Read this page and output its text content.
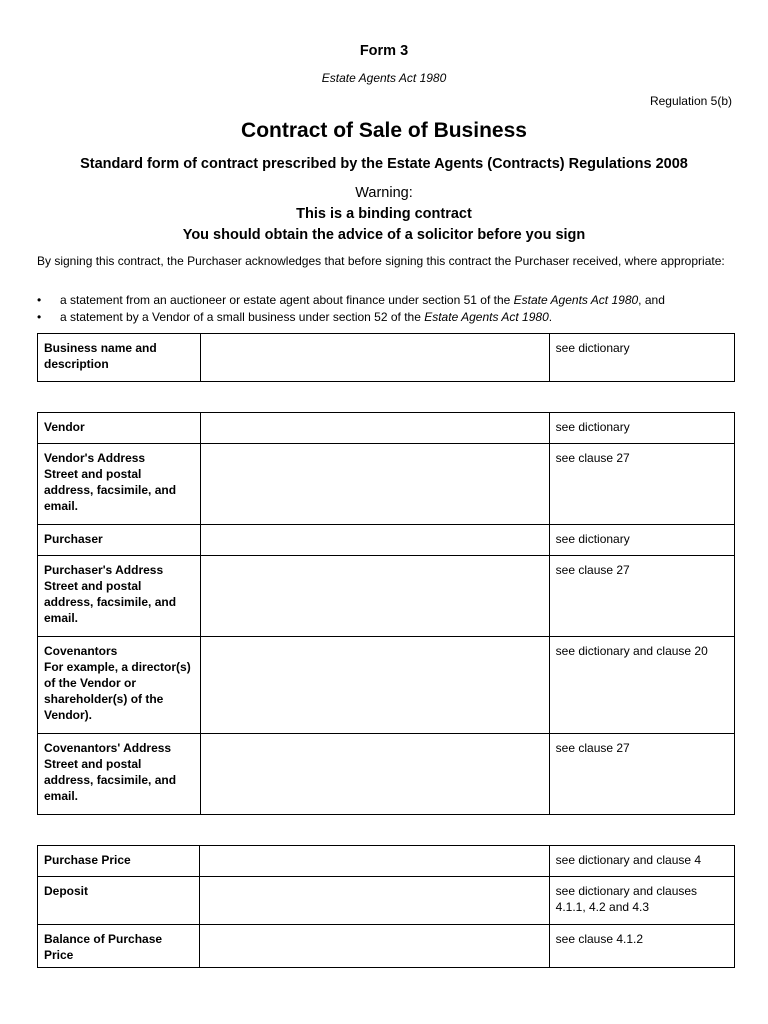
Form 3
Estate Agents Act 1980
Regulation 5(b)
Contract of Sale of Business
Standard form of contract prescribed by the Estate Agents (Contracts) Regulations 2008
Warning:
This is a binding contract
You should obtain the advice of a solicitor before you sign
By signing this contract, the Purchaser acknowledges that before signing this contract the Purchaser received, where appropriate:
• a statement from an auctioneer or estate agent about finance under section 51 of the Estate Agents Act 1980, and
• a statement by a Vendor of a small business under section 52 of the Estate Agents Act 1980.
Business name and description
		see dictionary
Vendor		see dictionary

Vendor's Address
Street and postal address, facsimile, and email.		see clause 27

Purchaser		see dictionary

Purchaser's Address
Street and postal address, facsimile, and email.		see clause 27

Covenantors
For example, a director(s) of the Vendor or shareholder(s) of the Vendor).		see dictionary and clause 20

Covenantors' Address
Street and postal address, facsimile, and email.		see clause 27
Purchase Price		see dictionary and clause 4

Deposit		see dictionary and clauses 4.1.1, 4.2 and 4.3

Balance of Purchase Price		see clause 4.1.2
